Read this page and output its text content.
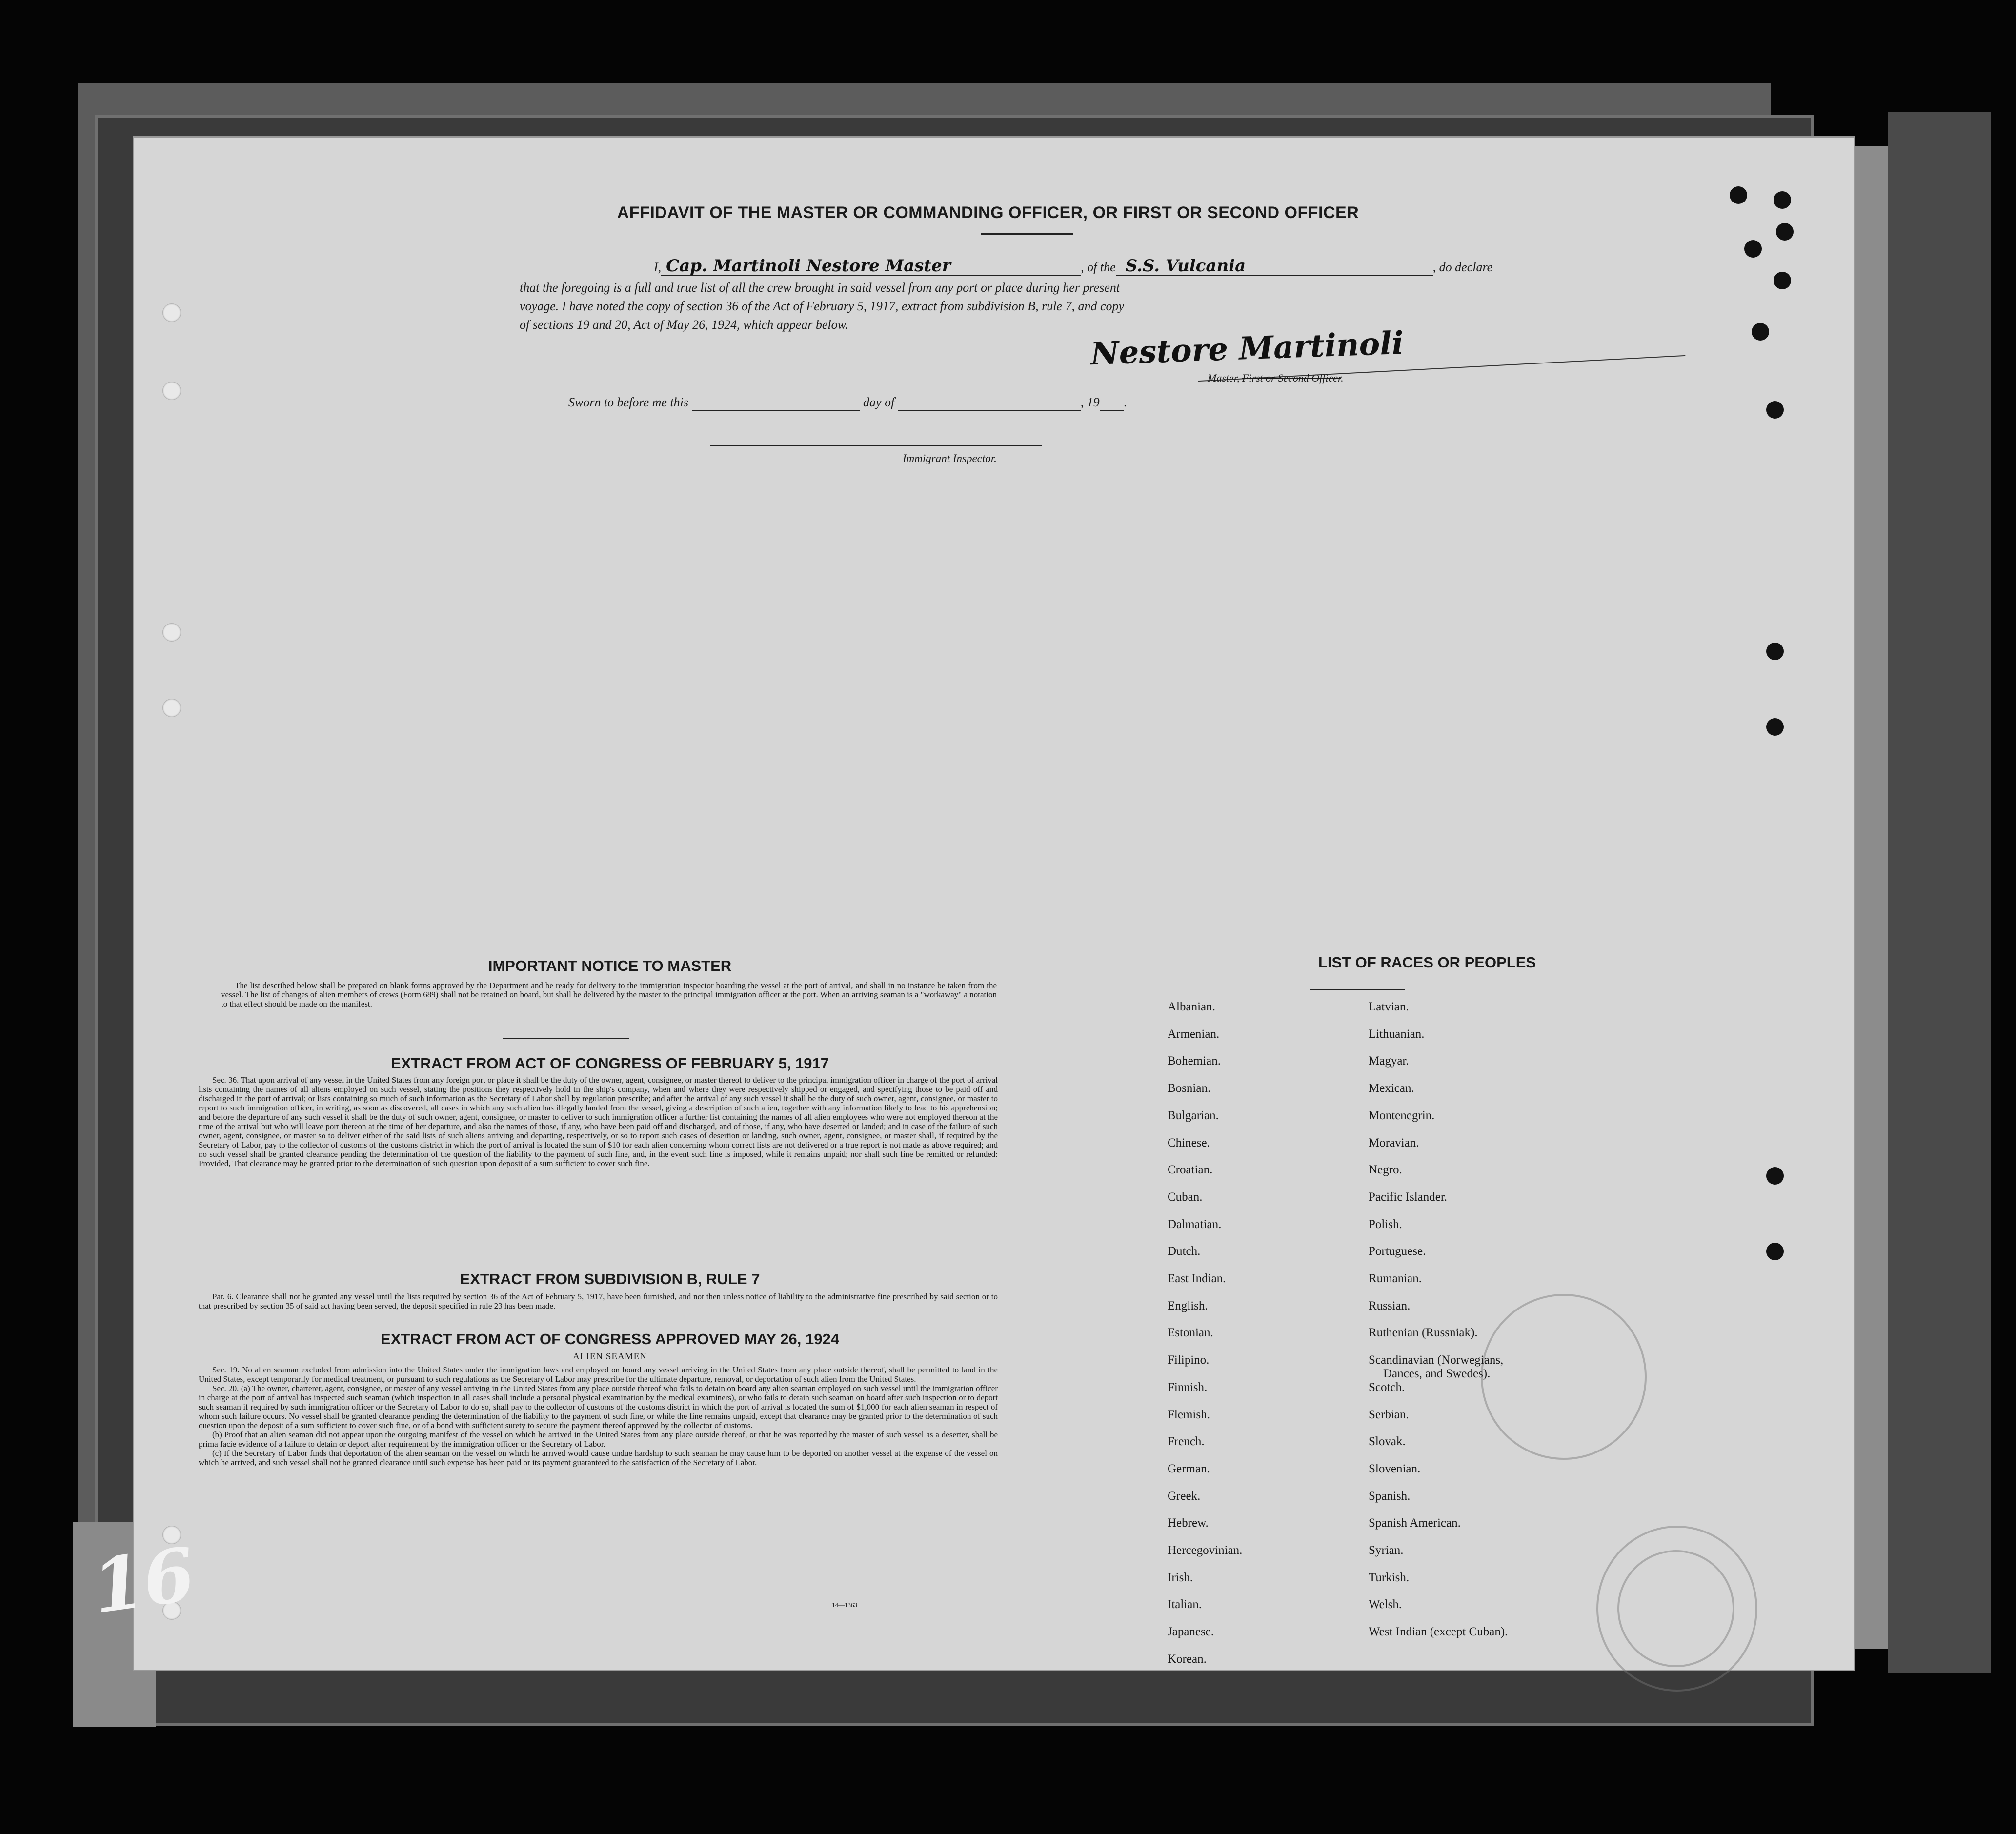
AFFIDAVIT OF THE MASTER OR COMMANDING OFFICER, OR FIRST OR SECOND OFFICER
I, Cap. Martinoli Nestore Master	, of the S.S. Vulcania	, do declare
that the foregoing is a full and true list of all the crew brought in said vessel from any port or place during her present
voyage. I have noted the copy of section 36 of the Act of February 5, 1917, extract from subdivision B, rule 7, and copy
of sections 19 and 20, Act of May 26, 1924, which appear below.
Nestore Martinoli
Master, First or Second Officer.
Sworn to before me this	day of	, 19 .
Immigrant Inspector.
IMPORTANT NOTICE TO MASTER

The list described below shall be prepared on blank forms approved by the Department and be ready for delivery to the immigration inspector boarding the vessel at the port of arrival, and shall in no instance be taken from the vessel. The list of changes of alien members of crews (Form 689) shall not be retained on board, but shall be delivered by the master to the principal immigration officer at the port. When an arriving seaman is a "workaway" a notation to that effect should be made on the manifest.

EXTRACT FROM ACT OF CONGRESS OF FEBRUARY 5, 1917

Sec. 36. That upon arrival of any vessel in the United States from any foreign port or place it shall be the duty of the owner, agent, consignee, or master thereof to deliver to the principal immigration officer in charge of the port of arrival lists containing the names of all aliens employed on such vessel, stating the positions they respectively hold in the ship's company, when and where they were respectively shipped or engaged, and specifying those to be paid off and discharged in the port of arrival; or lists containing so much of such information as the Secretary of Labor shall by regulation prescribe; and after the arrival of any such vessel it shall be the duty of such owner, agent, consignee, or master to report to such immigration officer, in writing, as soon as discovered, all cases in which any such alien has illegally landed from the vessel, giving a description of such alien, together with any information likely to lead to his apprehension; and before the departure of any such vessel it shall be the duty of such owner, agent, consignee, or master to deliver to such immigration officer a further list containing the names of all alien employees who were not employed thereon at the time of the arrival but who will leave port thereon at the time of her departure, and also the names of those, if any, who have been paid off and discharged, and of those, if any, who have deserted or landed; and in case of the failure of such owner, agent, consignee, or master so to deliver either of the said lists of such aliens arriving and departing, respectively, or so to report such cases of desertion or landing, such owner, agent, consignee, or master shall, if required by the Secretary of Labor, pay to the collector of customs of the customs district in which the port of arrival is located the sum of $10 for each alien concerning whom correct lists are not delivered or a true report is not made as above required; and no such vessel shall be granted clearance pending the determination of the question of the liability to the payment of such fine, and, in the event such fine is imposed, while it remains unpaid; nor shall such fine be remitted or refunded: Provided, That clearance may be granted prior to the determination of such question upon deposit of a sum sufficient to cover such fine.

EXTRACT FROM SUBDIVISION B, RULE 7

Par. 6. Clearance shall not be granted any vessel until the lists required by section 36 of the Act of February 5, 1917, have been furnished, and not then unless notice of liability to the administrative fine prescribed by said section or to that prescribed by section 35 of said act having been served, the deposit specified in rule 23 has been made.

EXTRACT FROM ACT OF CONGRESS APPROVED MAY 26, 1924
ALIEN SEAMEN

Sec. 19. No alien seaman excluded from admission into the United States under the immigration laws and employed on board any vessel arriving in the United States from any place outside thereof, shall be permitted to land in the United States, except temporarily for medical treatment, or pursuant to such regulations as the Secretary of Labor may prescribe for the ultimate departure, removal, or deportation of such alien from the United States.

Sec. 20. (a) The owner, charterer, agent, consignee, or master of any vessel arriving in the United States from any place outside thereof who fails to detain on board any alien seaman employed on such vessel until the immigration officer in charge at the port of arrival has inspected such seaman (which inspection in all cases shall include a personal physical examination by the medical examiners), or who fails to detain such seaman on board after such inspection or to deport such seaman if required by such immigration officer or the Secretary of Labor to do so, shall pay to the collector of customs of the customs district in which the port of arrival is located the sum of $1,000 for each alien seaman in respect of whom such failure occurs. No vessel shall be granted clearance pending the determination of the liability to the payment of such fine, or while the fine remains unpaid, except that clearance may be granted prior to the determination of such question upon the deposit of a sum sufficient to cover such fine, or of a bond with sufficient surety to secure the payment thereof approved by the collector of customs.

(b) Proof that an alien seaman did not appear upon the outgoing manifest of the vessel on which he arrived in the United States from any place outside thereof, or that he was reported by the master of such vessel as a deserter, shall be prima facie evidence of a failure to detain or deport after requirement by the immigration officer or the Secretary of Labor.

(c) If the Secretary of Labor finds that deportation of the alien seaman on the vessel on which he arrived would cause undue hardship to such seaman he may cause him to be deported on another vessel at the expense of the vessel on which he arrived, and such vessel shall not be granted clearance until such expense has been paid or its payment guaranteed to the satisfaction of the Secretary of Labor.

14—1363
16
LIST OF RACES OR PEOPLES
Albanian.
Armenian.
Bohemian.
Bosnian.
Bulgarian.
Chinese.
Croatian.
Cuban.
Dalmatian.
Dutch.
East Indian.
English.
Estonian.
Filipino.
Finnish.
Flemish.
French.
German.
Greek.
Hebrew.
Hercegovinian.
Irish.
Italian.
Japanese.
Korean.
Latvian.
Lithuanian.
Magyar.
Mexican.
Montenegrin.
Moravian.
Negro.
Pacific Islander.
Polish.
Portuguese.
Rumanian.
Russian.
Ruthenian (Russniak).
Scandinavian (Norwegians,
Dances, and Swedes).
Scotch.
Serbian.
Slovak.
Slovenian.
Spanish.
Spanish American.
Syrian.
Turkish.
Welsh.
West Indian (except Cuban).
